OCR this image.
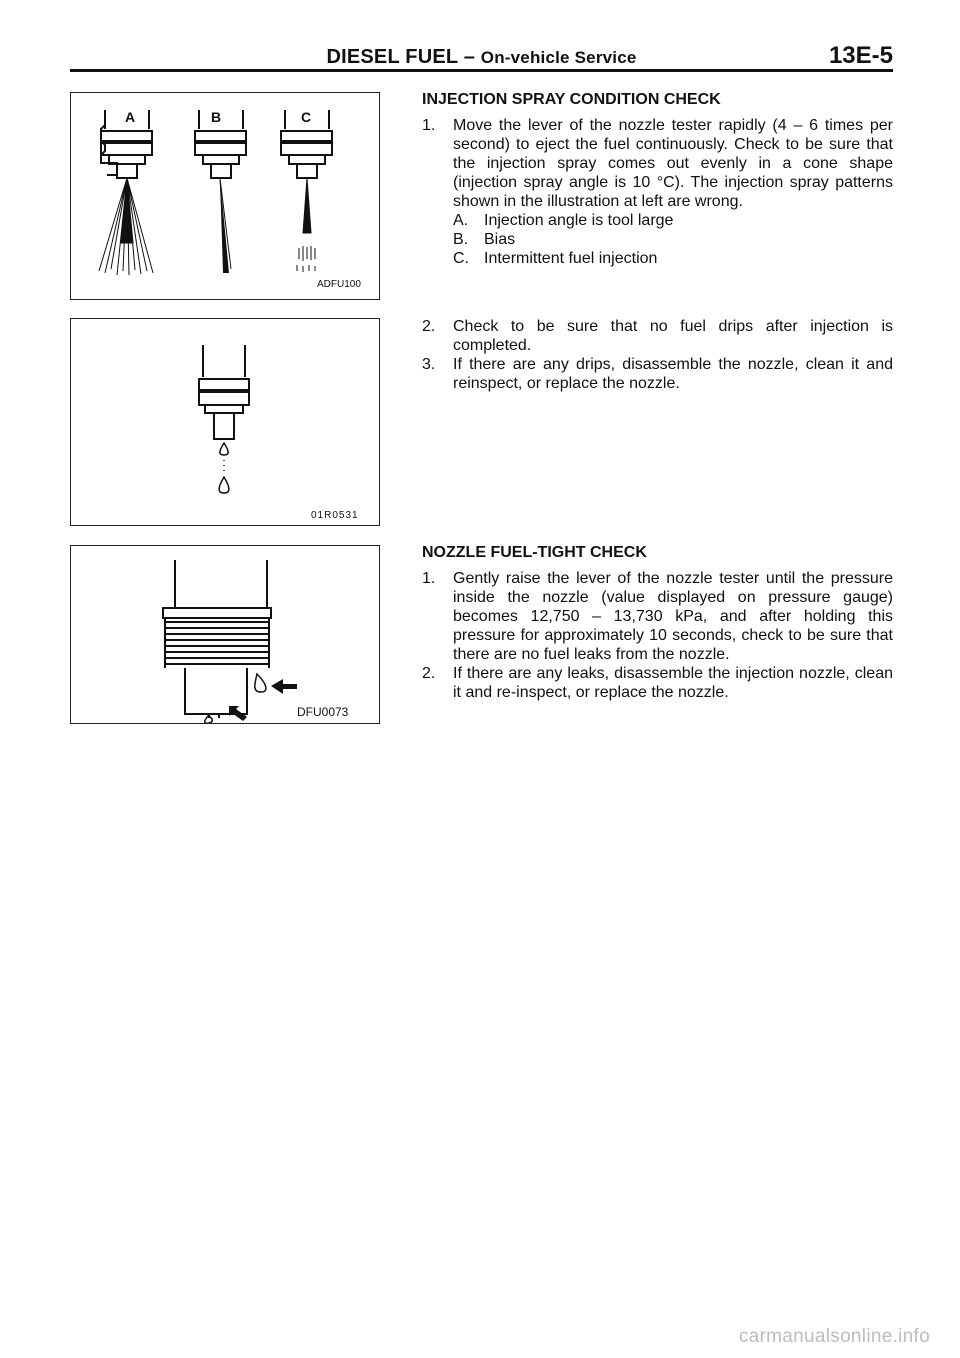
DIESEL FUEL – On-vehicle Service	13E-5
A	B	C
ADFU100
01R0531
DFU0073
INJECTION SPRAY CONDITION CHECK
1. Move the lever of the nozzle tester rapidly (4 – 6 times per second) to eject the fuel continuously. Check to be sure that the injection spray comes out evenly in a cone shape (injection spray angle is 10 °C). The injection spray patterns shown in the illustration at left are wrong.
A. Injection angle is tool large
B. Bias
C. Intermittent fuel injection
2. Check to be sure that no fuel drips after injection is completed.
3. If there are any drips, disassemble the nozzle, clean it and reinspect, or replace the nozzle.
NOZZLE FUEL-TIGHT CHECK
1. Gently raise the lever of the nozzle tester until the pressure inside the nozzle (value displayed on pressure gauge) becomes 12,750 – 13,730 kPa, and after holding this pressure for approximately 10 seconds, check to be sure that there are no fuel leaks from the nozzle.
2. If there are any leaks, disassemble the injection nozzle, clean it and re-inspect, or replace the nozzle.
carmanualsonline.info
